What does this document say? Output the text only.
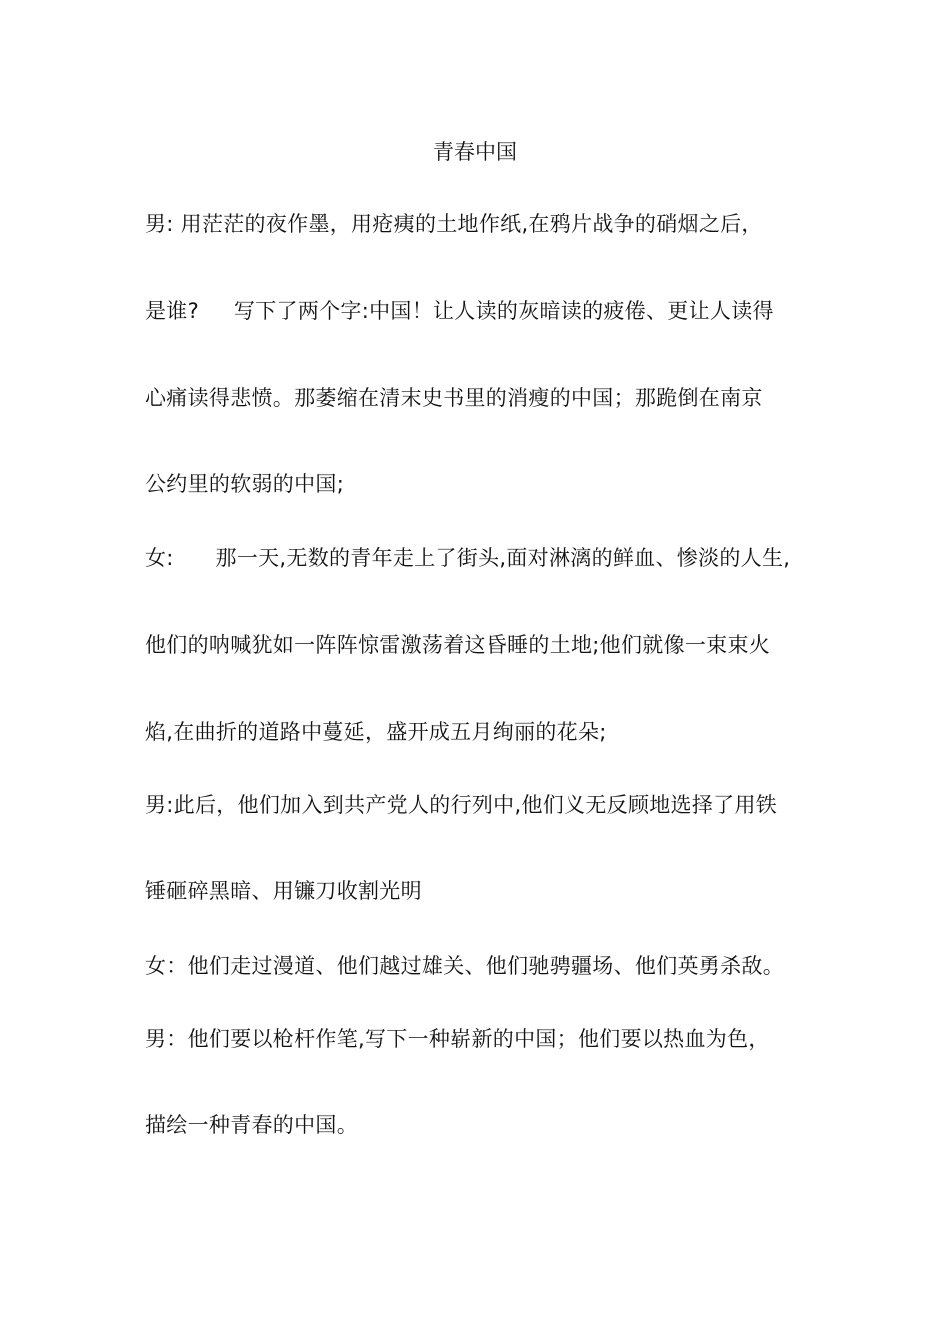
青春中国
男: 用茫茫的夜作墨，用疮痍的土地作纸,在鸦片战争的硝烟之后，
是谁?     写下了两个字:中国！让人读的灰暗读的疲倦、更让人读得
心痛读得悲愤。那萎缩在清末史书里的消瘦的中国；那跪倒在南京
公约里的软弱的中国;
女:      那一天,无数的青年走上了街头,面对淋漓的鲜血、惨淡的人生,
他们的呐喊犹如一阵阵惊雷激荡着这昏睡的土地;他们就像一束束火
焰,在曲折的道路中蔓延，盛开成五月绚丽的花朵;
男:此后，他们加入到共产党人的行列中,他们义无反顾地选择了用铁
锤砸碎黑暗、用镰刀收割光明
女：他们走过漫道、他们越过雄关、他们驰骋疆场、他们英勇杀敌。
男：他们要以枪杆作笔,写下一种崭新的中国；他们要以热血为色，
描绘一种青春的中国。
